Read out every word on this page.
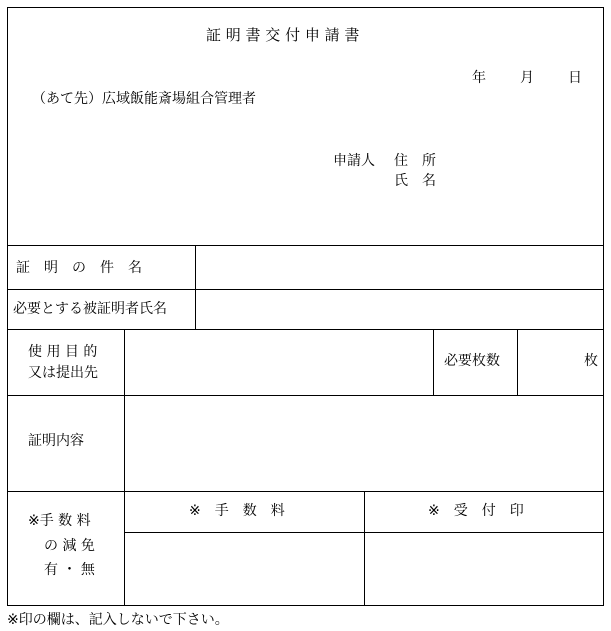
証 明 書 交 付 申 請 書
年 月 日
（あて先）広域飯能斎場組合管理者
申請人 住　所
氏　名
証　明　の　件　名
必要とする被証明者氏名
使 用 目 的
又は提出先
必要枚数	枚
証明内容
※手 数 料
の 減 免
有 ・ 無
※　手　数　料	※　受　付　印
※印の欄は、記入しないで下さい。
